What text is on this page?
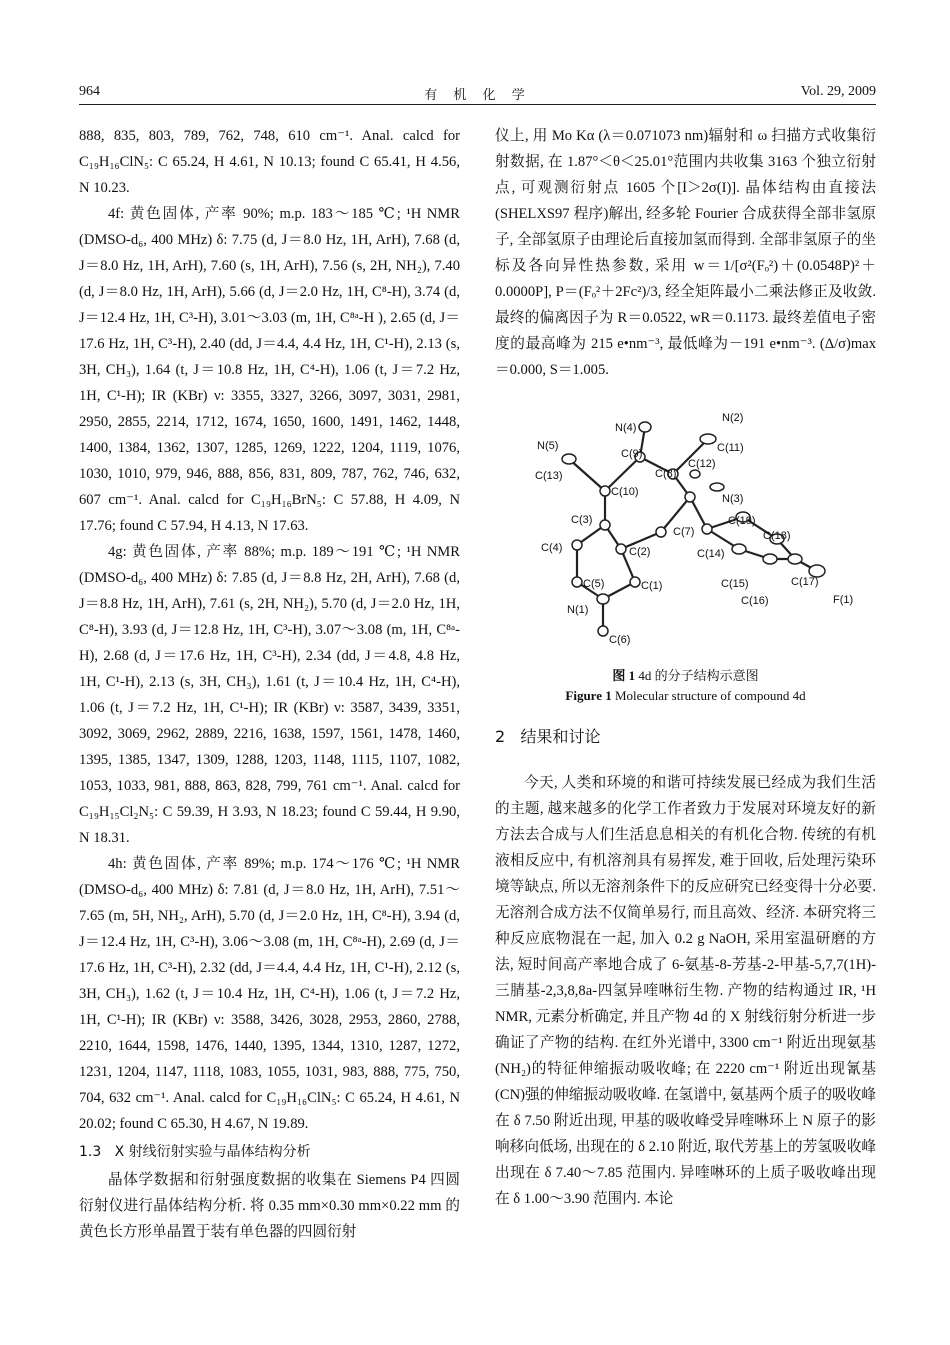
964	有 机 化 学	Vol. 29, 2009

888, 835, 803, 789, 762, 748, 610 cm⁻¹. Anal. calcd for C₁₉H₁₆ClN₅: C 65.24, H 4.61, N 10.13; found C 65.41, H 4.56, N 10.23.

4f: 黄色固体, 产率 90%; m.p. 183～185 ℃; ¹H NMR (DMSO-d₆, 400 MHz) δ: 7.75 (d, J＝8.0 Hz, 1H, ArH), 7.68 (d, J＝8.0 Hz, 1H, ArH), 7.60 (s, 1H, ArH), 7.56 (s, 2H, NH₂), 7.40 (d, J＝8.0 Hz, 1H, ArH), 5.66 (d, J＝2.0 Hz, 1H, C⁸-H), 3.74 (d, J＝12.4 Hz, 1H, C³-H), 3.01～3.03 (m, 1H, C⁸ᵃ-H ), 2.65 (d, J＝17.6 Hz, 1H, C³-H), 2.40 (dd, J＝4.4, 4.4 Hz, 1H, C¹-H), 2.13 (s, 3H, CH₃), 1.64 (t, J＝10.8 Hz, 1H, C⁴-H), 1.06 (t, J＝7.2 Hz, 1H, C¹-H); IR (KBr) ν: 3355, 3327, 3266, 3097, 3031, 2981, 2950, 2855, 2214, 1712, 1674, 1650, 1600, 1491, 1462, 1448, 1400, 1384, 1362, 1307, 1285, 1269, 1222, 1204, 1119, 1076, 1030, 1010, 979, 946, 888, 856, 831, 809, 787, 762, 746, 632, 607 cm⁻¹. Anal. calcd for C₁₉H₁₆BrN₅: C 57.88, H 4.09, N 17.76; found C 57.94, H 4.13, N 17.63.

4g: 黄色固体, 产率 88%; m.p. 189～191 ℃; ¹H NMR (DMSO-d₆, 400 MHz) δ: 7.85 (d, J＝8.8 Hz, 2H, ArH), 7.68 (d, J＝8.8 Hz, 1H, ArH), 7.61 (s, 2H, NH₂), 5.70 (d, J＝2.0 Hz, 1H, C⁸-H), 3.93 (d, J＝12.8 Hz, 1H, C³-H), 3.07～3.08 (m, 1H, C⁸ᵃ-H), 2.68 (d, J＝17.6 Hz, 1H, C³-H), 2.34 (dd, J＝4.8, 4.8 Hz, 1H, C¹-H), 2.13 (s, 3H, CH₃), 1.61 (t, J＝10.4 Hz, 1H, C⁴-H), 1.06 (t, J＝7.2 Hz, 1H, C¹-H); IR (KBr) ν: 3587, 3439, 3351, 3092, 3069, 2962, 2889, 2216, 1638, 1597, 1561, 1478, 1460, 1395, 1385, 1347, 1309, 1288, 1203, 1148, 1115, 1107, 1082, 1053, 1033, 981, 888, 863, 828, 799, 761 cm⁻¹. Anal. calcd for C₁₉H₁₅Cl₂N₅: C 59.39, H 3.93, N 18.23; found C 59.44, H 9.90, N 18.31.

4h: 黄色固体, 产率 89%; m.p. 174～176 ℃; ¹H NMR (DMSO-d₆, 400 MHz) δ: 7.81 (d, J＝8.0 Hz, 1H, ArH), 7.51～7.65 (m, 5H, NH₂, ArH), 5.70 (d, J＝2.0 Hz, 1H, C⁸-H), 3.94 (d, J＝12.4 Hz, 1H, C³-H), 3.06～3.08 (m, 1H, C⁸ᵃ-H), 2.69 (d, J＝17.6 Hz, 1H, C³-H), 2.32 (dd, J＝4.4, 4.4 Hz, 1H, C¹-H), 2.12 (s, 3H, CH₃), 1.62 (t, J＝10.4 Hz, 1H, C⁴-H), 1.06 (t, J＝7.2 Hz, 1H, C¹-H); IR (KBr) ν: 3588, 3426, 3028, 2953, 2860, 2788, 2210, 1644, 1598, 1476, 1440, 1395, 1344, 1310, 1287, 1272, 1231, 1204, 1147, 1118, 1083, 1055, 1031, 983, 888, 775, 750, 704, 632 cm⁻¹. Anal. calcd for C₁₉H₁₆ClN₅: C 65.24, H 4.61, N 20.02; found C 65.30, H 4.67, N 19.89.

1.3   X 射线衍射实验与晶体结构分析

晶体学数据和衍射强度数据的收集在 Siemens P4 四圆衍射仪进行晶体结构分析. 将 0.35 mm×0.30 mm×0.22 mm 的黄色长方形单晶置于装有单色器的四圆衍射

仪上, 用 Mo Kα (λ＝0.071073 nm)辐射和 ω 扫描方式收集衍射数据, 在 1.87°＜θ＜25.01°范围内共收集 3163 个独立衍射点, 可观测衍射点 1605 个[I＞2σ(I)]. 晶体结构由直接法(SHELXS97 程序)解出, 经多轮 Fourier 合成获得全部非氢原子, 全部氢原子由理论后直接加氢而得到. 全部非氢原子的坐标及各向异性热参数, 采用 w＝1/[σ²(Fₒ²)＋(0.0548P)²＋0.0000P], P＝(Fₒ²＋2Fc²)/3, 经全矩阵最小二乘法修正及收敛. 最终的偏离因子为 R＝0.0522, wR＝0.1173. 最终差值电子密度的最高峰为 215 e•nm⁻³, 最低峰为－191 e•nm⁻³. (Δ/σ)max＝0.000, S＝1.005.

N(4)
N(2)
N(5)
C(9)	C(11)
C(8)
C(12)
C(13)
C(10)
N(3)
C(19)
C(3)
C(7)	C(18)
C(4)	C(2)	C(14)
C(17)
C(5)	C(1)	C(15)
C(16)	F(1)
N(1)
C(6)
图 1 4d 的分子结构示意图
Figure 1 Molecular structure of compound 4d
2   结果和讨论

今天, 人类和环境的和谐可持续发展已经成为我们生活的主题, 越来越多的化学工作者致力于发展对环境友好的新方法去合成与人们生活息息相关的有机化合物. 传统的有机液相反应中, 有机溶剂具有易挥发, 难于回收, 后处理污染环境等缺点, 所以无溶剂条件下的反应研究已经变得十分必要. 无溶剂合成方法不仅简单易行, 而且高效、经济. 本研究将三种反应底物混在一起, 加入 0.2 g NaOH, 采用室温研磨的方法, 短时间高产率地合成了 6-氨基-8-芳基-2-甲基-5,7,7(1H)-三腈基-2,3,8,8a-四氢异喹啉衍生物. 产物的结构通过 IR, ¹H NMR, 元素分析确定, 并且产物 4d 的 X 射线衍射分析进一步确证了产物的结构. 在红外光谱中, 3300 cm⁻¹ 附近出现氨基(NH₂)的特征伸缩振动吸收峰; 在 2220 cm⁻¹ 附近出现氰基(CN)强的伸缩振动吸收峰. 在氢谱中, 氨基两个质子的吸收峰在 δ 7.50 附近出现, 甲基的吸收峰受异喹啉环上 N 原子的影响移向低场, 出现在的 δ 2.10 附近, 取代芳基上的芳氢吸收峰出现在 δ 7.40～7.85 范围内. 异喹啉环的上质子吸收峰出现在 δ 1.00～3.90 范围内. 本论
